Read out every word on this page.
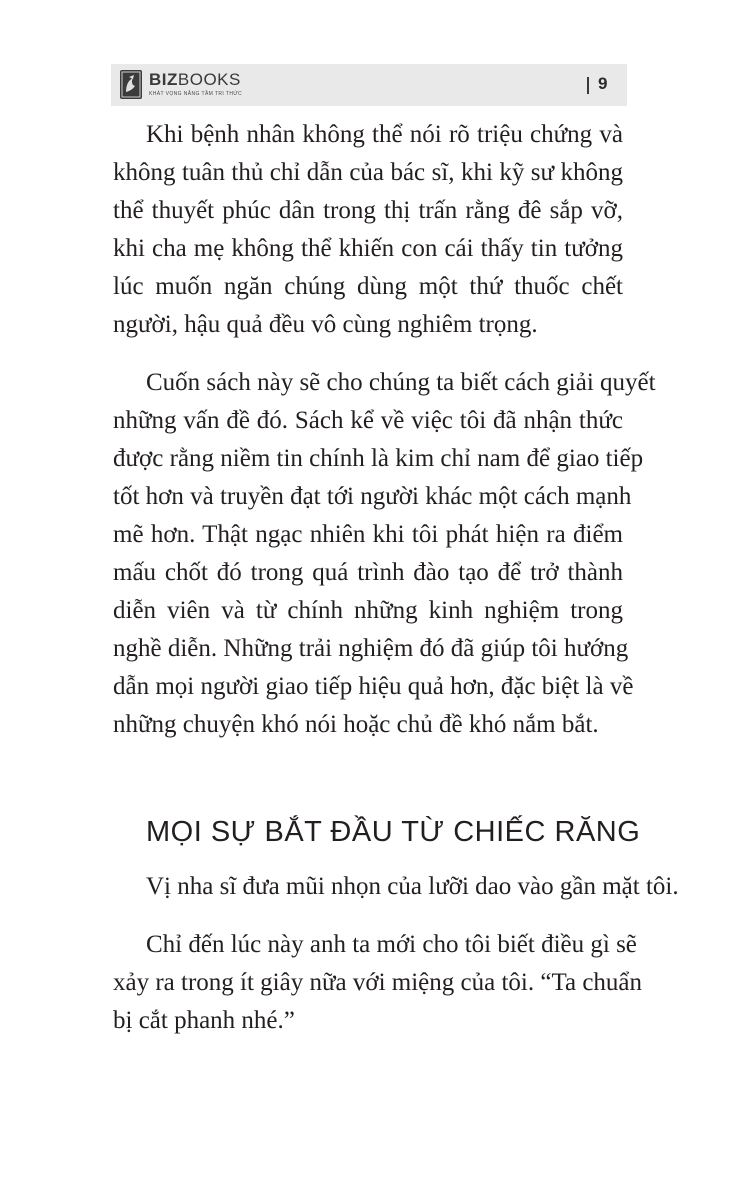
BIZBOOKS
KHÁT VỌNG NÂNG TẦM TRI THỨC
9
Khi bệnh nhân không thể nói rõ triệu chứng và
không tuân thủ chỉ dẫn của bác sĩ, khi kỹ sư không
thể thuyết phúc dân trong thị trấn rằng đê sắp vỡ,
khi cha mẹ không thể khiến con cái thấy tin tưởng
lúc muốn ngăn chúng dùng một thứ thuốc chết
người, hậu quả đều vô cùng nghiêm trọng.
Cuốn sách này sẽ cho chúng ta biết cách giải quyết
những vấn đề đó. Sách kể về việc tôi đã nhận thức
được rằng niềm tin chính là kim chỉ nam để giao tiếp
tốt hơn và truyền đạt tới người khác một cách mạnh
mẽ hơn. Thật ngạc nhiên khi tôi phát hiện ra điểm
mấu chốt đó trong quá trình đào tạo để trở thành
diễn viên và từ chính những kinh nghiệm trong
nghề diễn. Những trải nghiệm đó đã giúp tôi hướng
dẫn mọi người giao tiếp hiệu quả hơn, đặc biệt là về
những chuyện khó nói hoặc chủ đề khó nắm bắt.
MỌI SỰ BẮT ĐẦU TỪ CHIẾC RĂNG
Vị nha sĩ đưa mũi nhọn của lưỡi dao vào gần mặt tôi.
Chỉ đến lúc này anh ta mới cho tôi biết điều gì sẽ
xảy ra trong ít giây nữa với miệng của tôi. “Ta chuẩn
bị cắt phanh nhé.”
